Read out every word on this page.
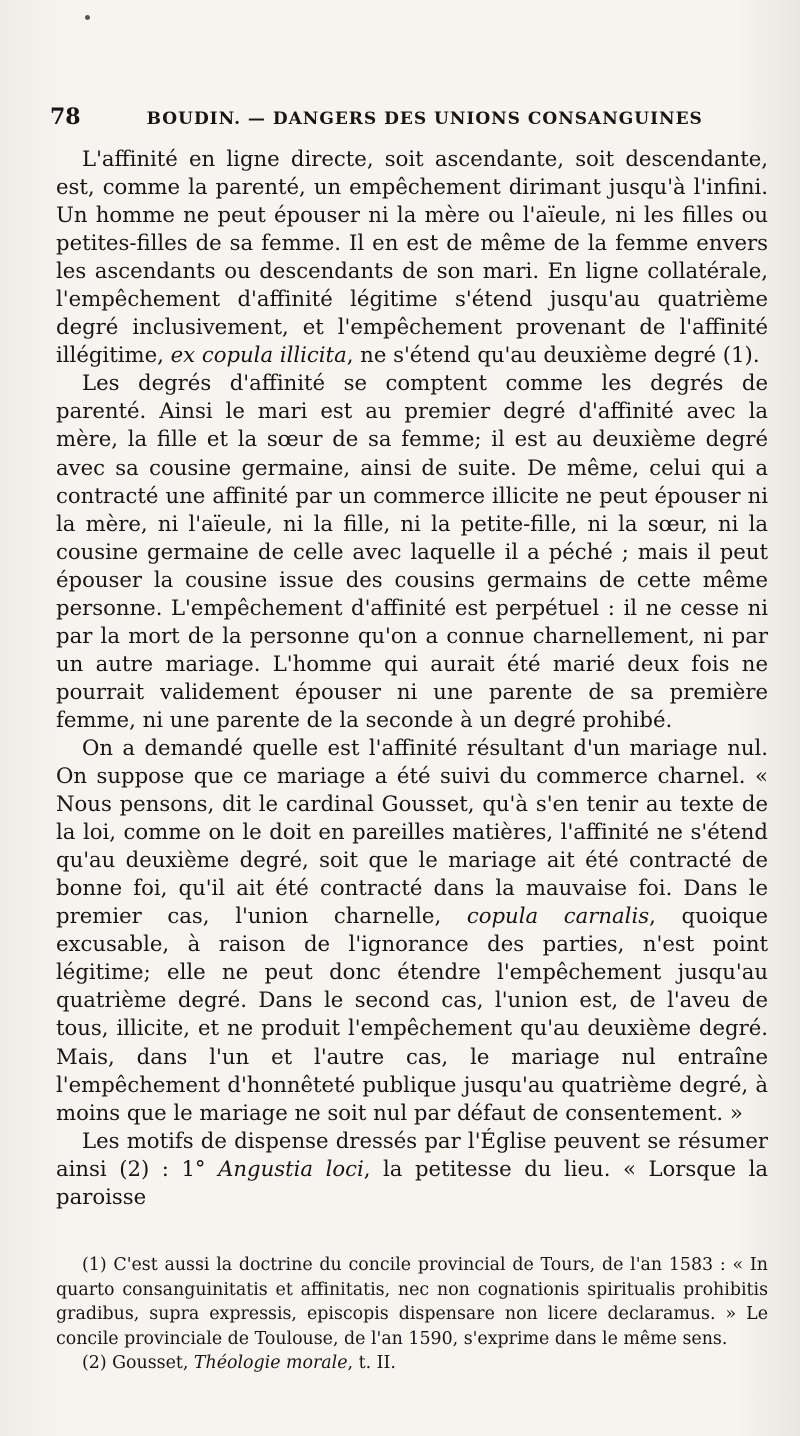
78	BOUDIN. — DANGERS DES UNIONS CONSANGUINES

L'affinité en ligne directe, soit ascendante, soit descendante, est, comme la parenté, un empêchement dirimant jusqu'à l'infini. Un homme ne peut épouser ni la mère ou l'aïeule, ni les filles ou petites-filles de sa femme. Il en est de même de la femme envers les ascendants ou descendants de son mari. En ligne collatérale, l'empêchement d'affinité légitime s'étend jusqu'au quatrième degré inclusivement, et l'empêchement provenant de l'affinité illégitime, ex copula illicita, ne s'étend qu'au deuxième degré (1).

Les degrés d'affinité se comptent comme les degrés de parenté. Ainsi le mari est au premier degré d'affinité avec la mère, la fille et la sœur de sa femme; il est au deuxième degré avec sa cousine germaine, ainsi de suite. De même, celui qui a contracté une affinité par un commerce illicite ne peut épouser ni la mère, ni l'aïeule, ni la fille, ni la petite-fille, ni la sœur, ni la cousine germaine de celle avec laquelle il a péché ; mais il peut épouser la cousine issue des cousins germains de cette même personne. L'empêchement d'affinité est perpétuel : il ne cesse ni par la mort de la personne qu'on a connue charnellement, ni par un autre mariage. L'homme qui aurait été marié deux fois ne pourrait validement épouser ni une parente de sa première femme, ni une parente de la seconde à un degré prohibé.

On a demandé quelle est l'affinité résultant d'un mariage nul. On suppose que ce mariage a été suivi du commerce charnel. « Nous pensons, dit le cardinal Gousset, qu'à s'en tenir au texte de la loi, comme on le doit en pareilles matières, l'affinité ne s'étend qu'au deuxième degré, soit que le mariage ait été contracté de bonne foi, qu'il ait été contracté dans la mauvaise foi. Dans le premier cas, l'union charnelle, copula carnalis, quoique excusable, à raison de l'ignorance des parties, n'est point légitime; elle ne peut donc étendre l'empêchement jusqu'au quatrième degré. Dans le second cas, l'union est, de l'aveu de tous, illicite, et ne produit l'empêchement qu'au deuxième degré. Mais, dans l'un et l'autre cas, le mariage nul entraîne l'empêchement d'honnêteté publique jusqu'au quatrième degré, à moins que le mariage ne soit nul par défaut de consentement. »

Les motifs de dispense dressés par l'Église peuvent se résumer ainsi (2) : 1° Angustia loci, la petitesse du lieu. « Lorsque la paroisse

(1) C'est aussi la doctrine du concile provincial de Tours, de l'an 1583 : « In quarto consanguinitatis et affinitatis, nec non cognationis spiritualis prohibitis gradibus, supra expressis, episcopis dispensare non licere declaramus. » Le concile provinciale de Toulouse, de l'an 1590, s'exprime dans le même sens.

(2) Gousset, Théologie morale, t. II.
